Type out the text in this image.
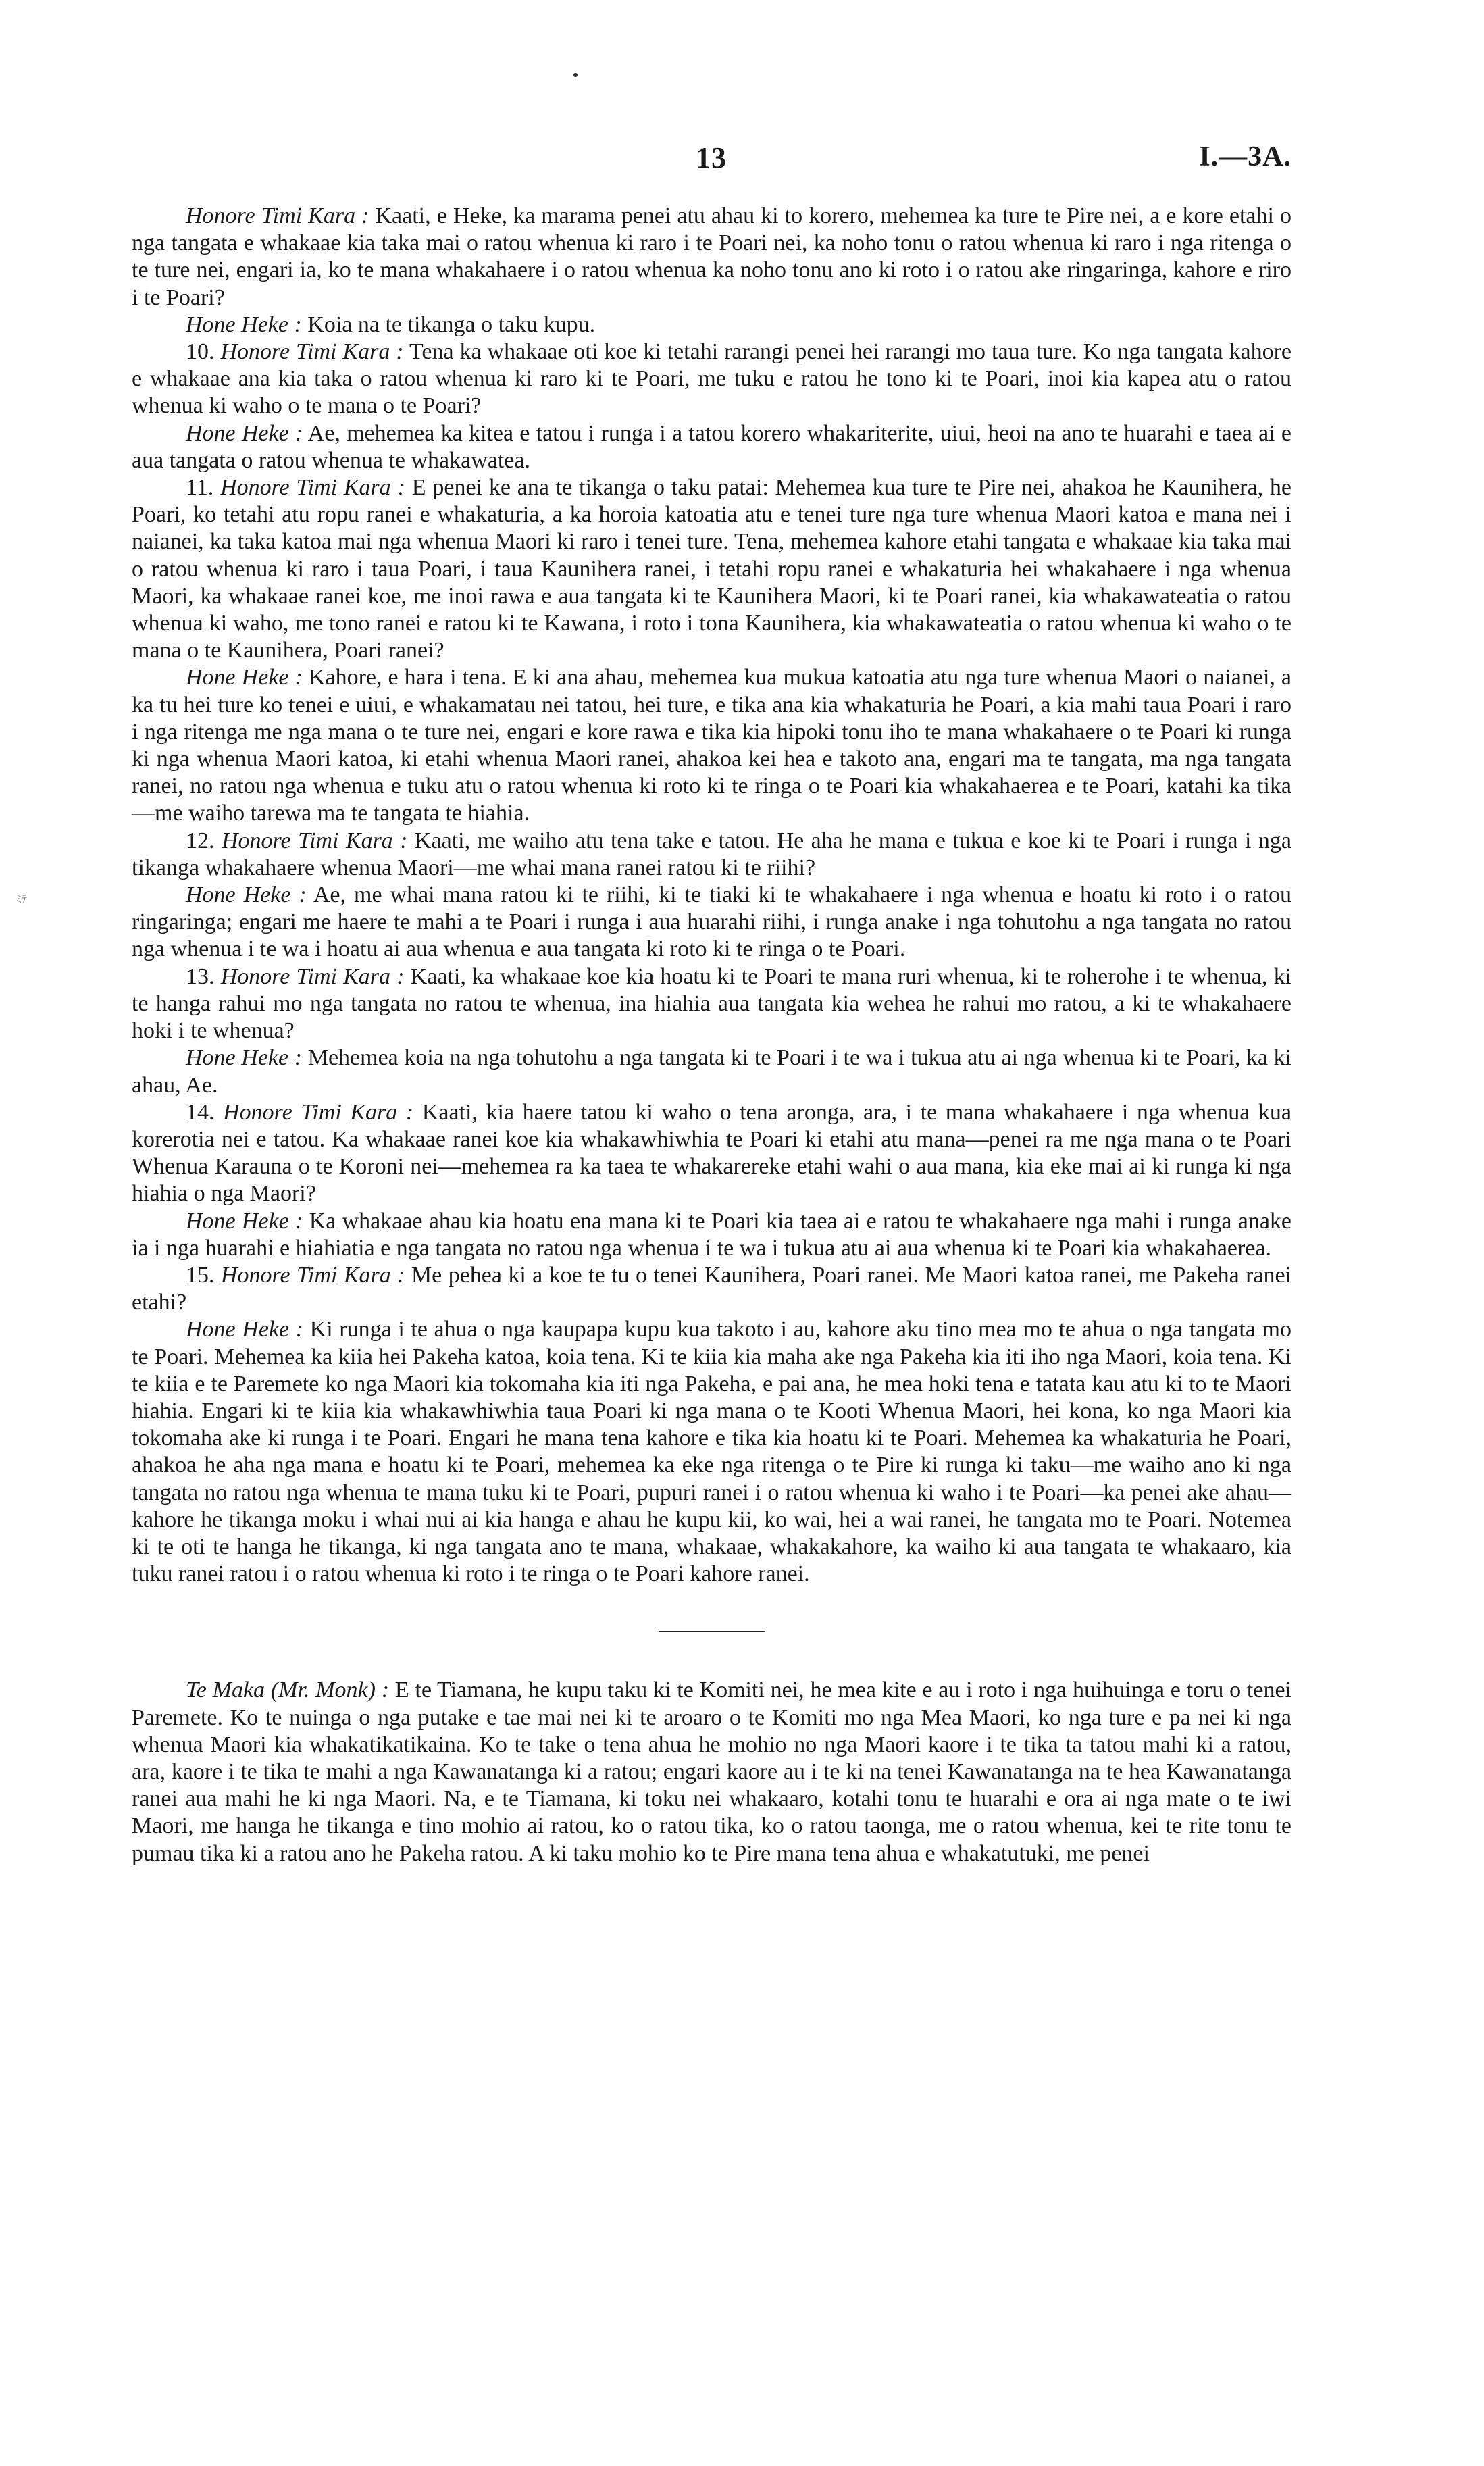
ﾐﾃ
13	I.—3A.

Honore Timi Kara : Kaati, e Heke, ka marama penei atu ahau ki to korero, mehemea ka ture te Pire nei, a e kore etahi o nga tangata e whakaae kia taka mai o ratou whenua ki raro i te Poari nei, ka noho tonu o ratou whenua ki raro i nga ritenga o te ture nei, engari ia, ko te mana whakahaere i o ratou whenua ka noho tonu ano ki roto i o ratou ake ringaringa, kahore e riro i te Poari?

Hone Heke : Koia na te tikanga o taku kupu.

10. Honore Timi Kara : Tena ka whakaae oti koe ki tetahi rarangi penei hei rarangi mo taua ture. Ko nga tangata kahore e whakaae ana kia taka o ratou whenua ki raro ki te Poari, me tuku e ratou he tono ki te Poari, inoi kia kapea atu o ratou whenua ki waho o te mana o te Poari?

Hone Heke : Ae, mehemea ka kitea e tatou i runga i a tatou korero whakariterite, uiui, heoi na ano te huarahi e taea ai e aua tangata o ratou whenua te whakawatea.

11. Honore Timi Kara : E penei ke ana te tikanga o taku patai: Mehemea kua ture te Pire nei, ahakoa he Kaunihera, he Poari, ko tetahi atu ropu ranei e whakaturia, a ka horoia katoatia atu e tenei ture nga ture whenua Maori katoa e mana nei i naianei, ka taka katoa mai nga whenua Maori ki raro i tenei ture. Tena, mehemea kahore etahi tangata e whakaae kia taka mai o ratou whenua ki raro i taua Poari, i taua Kaunihera ranei, i tetahi ropu ranei e whakaturia hei whakahaere i nga whenua Maori, ka whakaae ranei koe, me inoi rawa e aua tangata ki te Kaunihera Maori, ki te Poari ranei, kia whakawateatia o ratou whenua ki waho, me tono ranei e ratou ki te Kawana, i roto i tona Kaunihera, kia whakawateatia o ratou whenua ki waho o te mana o te Kaunihera, Poari ranei?

Hone Heke : Kahore, e hara i tena. E ki ana ahau, mehemea kua mukua katoatia atu nga ture whenua Maori o naianei, a ka tu hei ture ko tenei e uiui, e whakamatau nei tatou, hei ture, e tika ana kia whakaturia he Poari, a kia mahi taua Poari i raro i nga ritenga me nga mana o te ture nei, engari e kore rawa e tika kia hipoki tonu iho te mana whakahaere o te Poari ki runga ki nga whenua Maori katoa, ki etahi whenua Maori ranei, ahakoa kei hea e takoto ana, engari ma te tangata, ma nga tangata ranei, no ratou nga whenua e tuku atu o ratou whenua ki roto ki te ringa o te Poari kia whakahaerea e te Poari, katahi ka tika—me waiho tarewa ma te tangata te hiahia.

12. Honore Timi Kara : Kaati, me waiho atu tena take e tatou. He aha he mana e tukua e koe ki te Poari i runga i nga tikanga whakahaere whenua Maori—me whai mana ranei ratou ki te riihi?

Hone Heke : Ae, me whai mana ratou ki te riihi, ki te tiaki ki te whakahaere i nga whenua e hoatu ki roto i o ratou ringaringa; engari me haere te mahi a te Poari i runga i aua huarahi riihi, i runga anake i nga tohutohu a nga tangata no ratou nga whenua i te wa i hoatu ai aua whenua e aua tangata ki roto ki te ringa o te Poari.

13. Honore Timi Kara : Kaati, ka whakaae koe kia hoatu ki te Poari te mana ruri whenua, ki te roherohe i te whenua, ki te hanga rahui mo nga tangata no ratou te whenua, ina hiahia aua tangata kia wehea he rahui mo ratou, a ki te whakahaere hoki i te whenua?

Hone Heke : Mehemea koia na nga tohutohu a nga tangata ki te Poari i te wa i tukua atu ai nga whenua ki te Poari, ka ki ahau, Ae.

14. Honore Timi Kara : Kaati, kia haere tatou ki waho o tena aronga, ara, i te mana whakahaere i nga whenua kua korerotia nei e tatou. Ka whakaae ranei koe kia whakawhiwhia te Poari ki etahi atu mana—penei ra me nga mana o te Poari Whenua Karauna o te Koroni nei—mehemea ra ka taea te whakarereke etahi wahi o aua mana, kia eke mai ai ki runga ki nga hiahia o nga Maori?

Hone Heke : Ka whakaae ahau kia hoatu ena mana ki te Poari kia taea ai e ratou te whakahaere nga mahi i runga anake ia i nga huarahi e hiahiatia e nga tangata no ratou nga whenua i te wa i tukua atu ai aua whenua ki te Poari kia whakahaerea.

15. Honore Timi Kara : Me pehea ki a koe te tu o tenei Kaunihera, Poari ranei. Me Maori katoa ranei, me Pakeha ranei etahi?

Hone Heke : Ki runga i te ahua o nga kaupapa kupu kua takoto i au, kahore aku tino mea mo te ahua o nga tangata mo te Poari. Mehemea ka kiia hei Pakeha katoa, koia tena. Ki te kiia kia maha ake nga Pakeha kia iti iho nga Maori, koia tena. Ki te kiia e te Paremete ko nga Maori kia tokomaha kia iti nga Pakeha, e pai ana, he mea hoki tena e tatata kau atu ki to te Maori hiahia. Engari ki te kiia kia whakawhiwhia taua Poari ki nga mana o te Kooti Whenua Maori, hei kona, ko nga Maori kia tokomaha ake ki runga i te Poari. Engari he mana tena kahore e tika kia hoatu ki te Poari. Mehemea ka whakaturia he Poari, ahakoa he aha nga mana e hoatu ki te Poari, mehemea ka eke nga ritenga o te Pire ki runga ki taku—me waiho ano ki nga tangata no ratou nga whenua te mana tuku ki te Poari, pupuri ranei i o ratou whenua ki waho i te Poari—ka penei ake ahau—kahore he tikanga moku i whai nui ai kia hanga e ahau he kupu kii, ko wai, hei a wai ranei, he tangata mo te Poari. Notemea ki te oti te hanga he tikanga, ki nga tangata ano te mana, whakaae, whakakahore, ka waiho ki aua tangata te whakaaro, kia tuku ranei ratou i o ratou whenua ki roto i te ringa o te Poari kahore ranei.

Te Maka (Mr. Monk) : E te Tiamana, he kupu taku ki te Komiti nei, he mea kite e au i roto i nga huihuinga e toru o tenei Paremete. Ko te nuinga o nga putake e tae mai nei ki te aroaro o te Komiti mo nga Mea Maori, ko nga ture e pa nei ki nga whenua Maori kia whakatikatikaina. Ko te take o tena ahua he mohio no nga Maori kaore i te tika ta tatou mahi ki a ratou, ara, kaore i te tika te mahi a nga Kawanatanga ki a ratou; engari kaore au i te ki na tenei Kawanatanga na te hea Kawanatanga ranei aua mahi he ki nga Maori. Na, e te Tiamana, ki toku nei whakaaro, kotahi tonu te huarahi e ora ai nga mate o te iwi Maori, me hanga he tikanga e tino mohio ai ratou, ko o ratou tika, ko o ratou taonga, me o ratou whenua, kei te rite tonu te pumau tika ki a ratou ano he Pakeha ratou. A ki taku mohio ko te Pire mana tena ahua e whakatutuki, me penei
